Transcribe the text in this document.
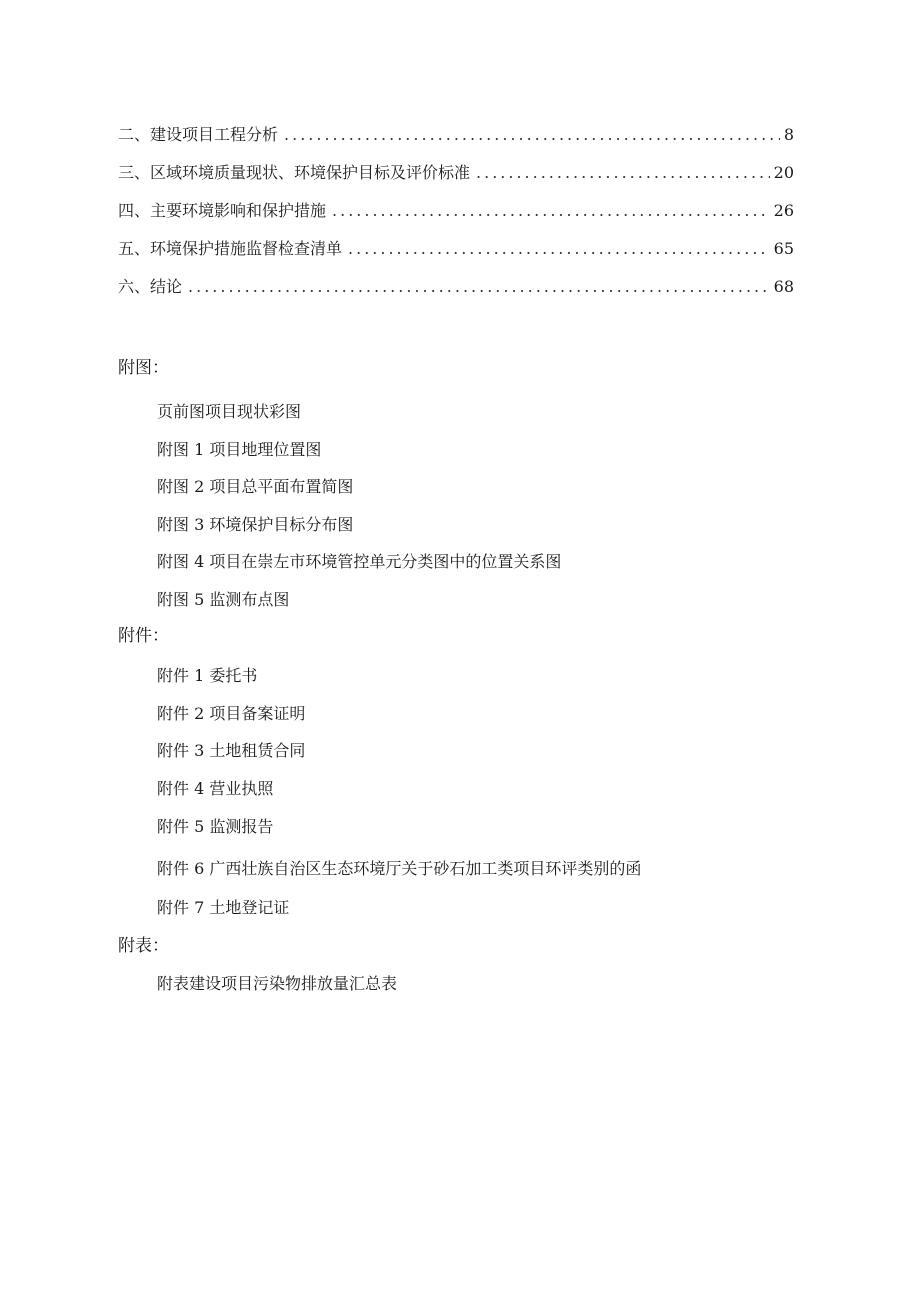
二、建设项目工程分析 .....	8
三、区域环境质量现状、环境保护目标及评价标准 .....	20
四、主要环境影响和保护措施 .....	26
五、环境保护措施监督检查清单 .....	65
六、结论 .....	68
附图：
页前图项目现状彩图
附图 1 项目地理位置图
附图 2 项目总平面布置简图
附图 3 环境保护目标分布图
附图 4 项目在崇左市环境管控单元分类图中的位置关系图
附图 5 监测布点图
附件：
附件 1 委托书
附件 2 项目备案证明
附件 3 土地租赁合同
附件 4 营业执照
附件 5 监测报告
附件 6 广西壮族自治区生态环境厅关于砂石加工类项目环评类别的函
附件 7 土地登记证
附表：
附表建设项目污染物排放量汇总表
